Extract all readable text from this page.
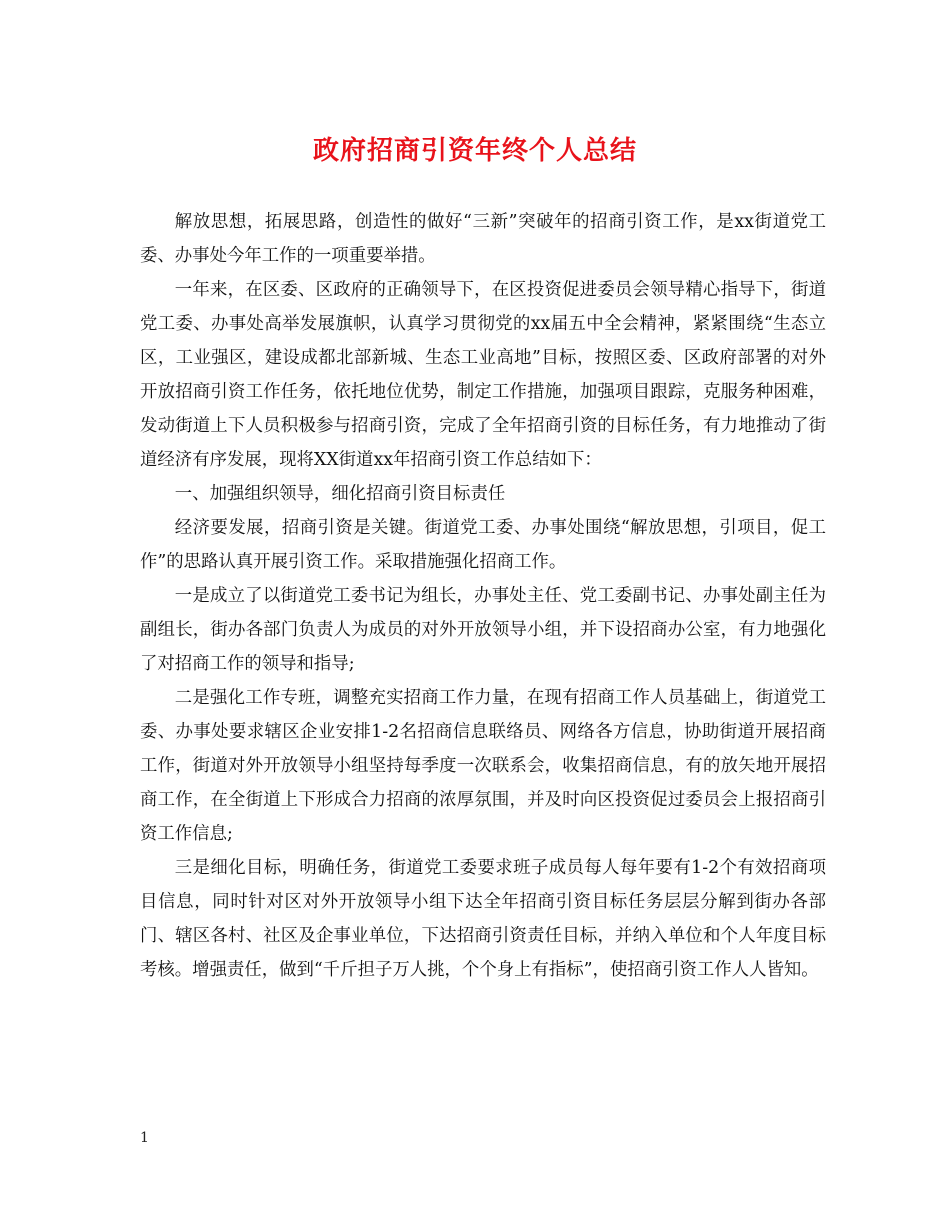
政府招商引资年终个人总结

解放思想，拓展思路，创造性的做好“三新”突破年的招商引资工作，是xx街道党工委、办事处今年工作的一项重要举措。

一年来，在区委、区政府的正确领导下，在区投资促进委员会领导精心指导下，街道党工委、办事处高举发展旗帜，认真学习贯彻党的xx届五中全会精神，紧紧围绕“生态立区，工业强区，建设成都北部新城、生态工业高地”目标，按照区委、区政府部署的对外开放招商引资工作任务，依托地位优势，制定工作措施，加强项目跟踪，克服务种困难，发动街道上下人员积极参与招商引资，完成了全年招商引资的目标任务，有力地推动了街道经济有序发展，现将XX街道xx年招商引资工作总结如下：

一、加强组织领导，细化招商引资目标责任

经济要发展，招商引资是关键。街道党工委、办事处围绕“解放思想，引项目，促工作”的思路认真开展引资工作。采取措施强化招商工作。

一是成立了以街道党工委书记为组长，办事处主任、党工委副书记、办事处副主任为副组长，街办各部门负责人为成员的对外开放领导小组，并下设招商办公室，有力地强化了对招商工作的领导和指导;

二是强化工作专班，调整充实招商工作力量，在现有招商工作人员基础上，街道党工委、办事处要求辖区企业安排1-2名招商信息联络员、网络各方信息，协助街道开展招商工作，街道对外开放领导小组坚持每季度一次联系会，收集招商信息，有的放矢地开展招商工作，在全街道上下形成合力招商的浓厚氛围，并及时向区投资促过委员会上报招商引资工作信息;

三是细化目标，明确任务，街道党工委要求班子成员每人每年要有1-2个有效招商项目信息，同时针对区对外开放领导小组下达全年招商引资目标任务层层分解到街办各部门、辖区各村、社区及企事业单位，下达招商引资责任目标，并纳入单位和个人年度目标考核。增强责任，做到“千斤担子万人挑，个个身上有指标”，使招商引资工作人人皆知。

1
